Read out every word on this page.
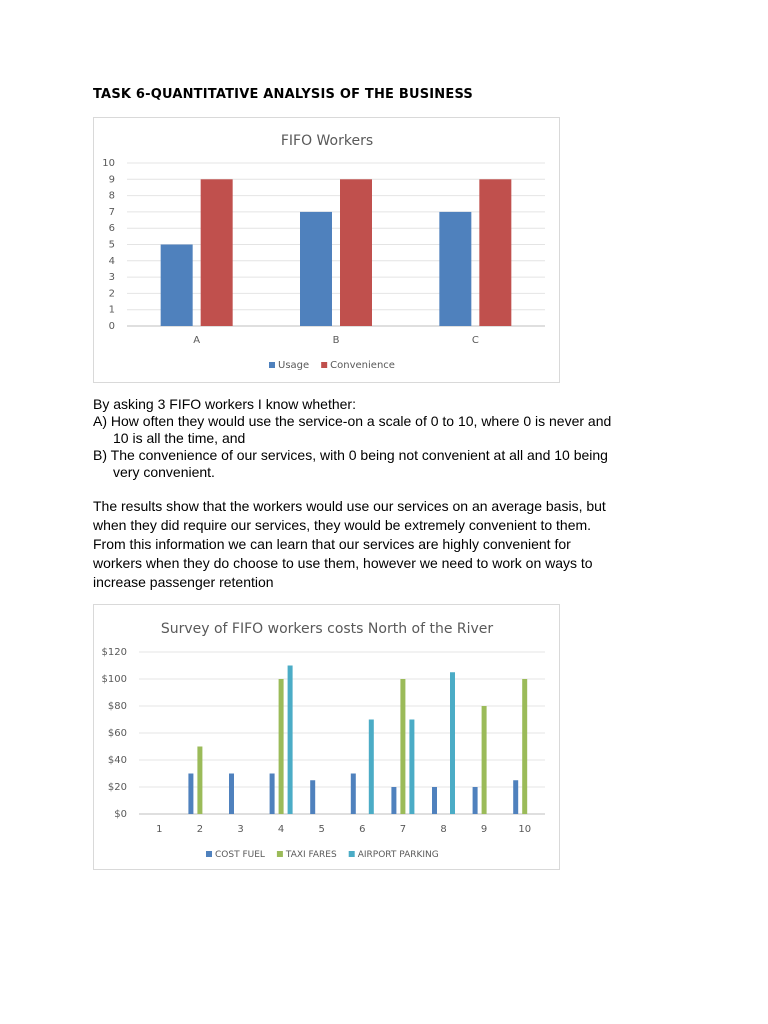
TASK 6-QUANTITATIVE ANALYSIS OF THE BUSINESS
FIFO Workers
0
1
2
3
4
5
6
7
8
9
10
A	B	C
Usage Convenience
By asking 3 FIFO workers I know whether:
A) How often they would use the service-on a scale of 0 to 10, where 0 is never and
10 is all the time, and
B) The convenience of our services, with 0 being not convenient at all and 10 being
very convenient.
The results show that the workers would use our services on an average basis, but
when they did require our services, they would be extremely convenient to them.
From this information we can learn that our services are highly convenient for
workers when they do choose to use them, however we need to work on ways to
increase passenger retention
Survey of FIFO workers costs North of the River
$0
$20
$40
$60
$80
$100
$120
1	2	3	4	5	6	7	8	9	10
COST FUEL TAXI FARES AIRPORT PARKING
